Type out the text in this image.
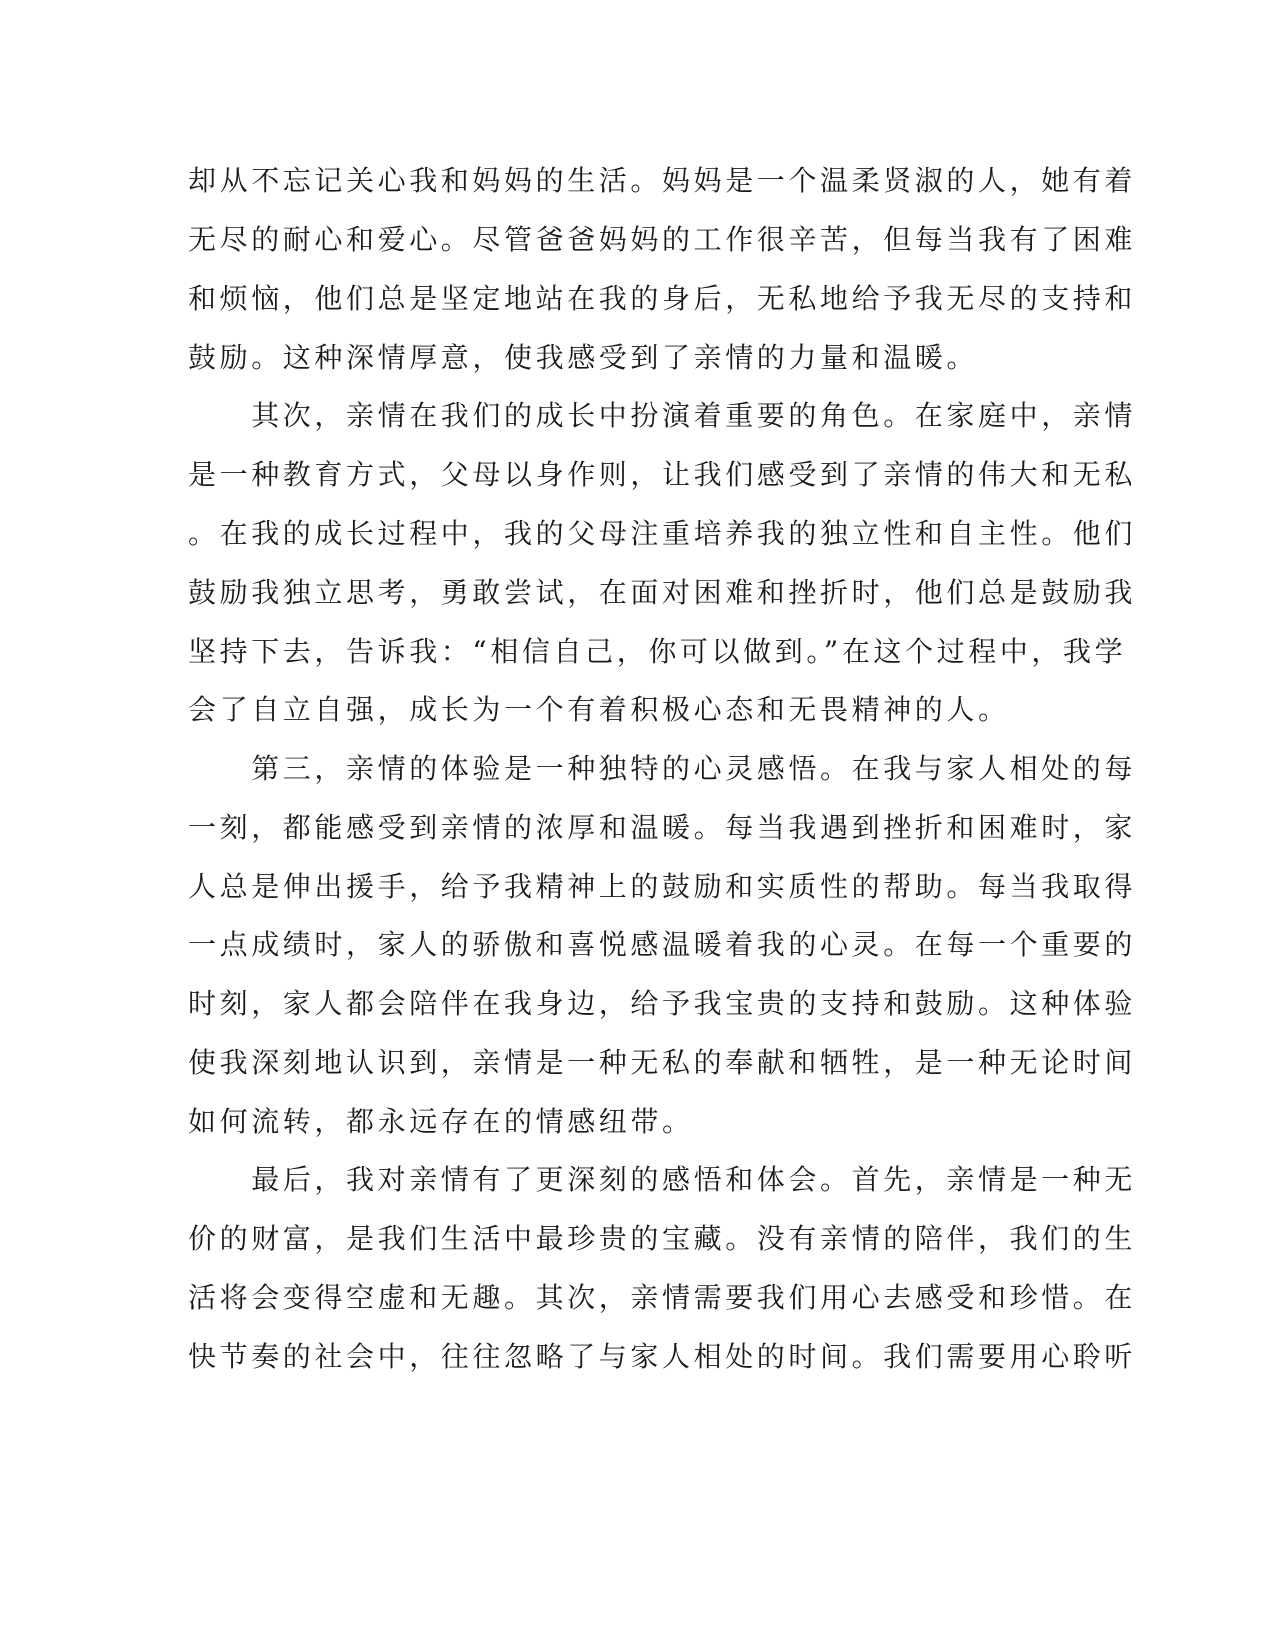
却从不忘记关心我和妈妈的生活。妈妈是一个温柔贤淑的人，她有着
无尽的耐心和爱心。尽管爸爸妈妈的工作很辛苦，但每当我有了困难
和烦恼，他们总是坚定地站在我的身后，无私地给予我无尽的支持和
鼓励。这种深情厚意，使我感受到了亲情的力量和温暖。
　　其次，亲情在我们的成长中扮演着重要的角色。在家庭中，亲情
是一种教育方式，父母以身作则，让我们感受到了亲情的伟大和无私
。在我的成长过程中，我的父母注重培养我的独立性和自主性。他们
鼓励我独立思考，勇敢尝试，在面对困难和挫折时，他们总是鼓励我
坚持下去，告诉我：“相信自己，你可以做到。”在这个过程中，我学
会了自立自强，成长为一个有着积极心态和无畏精神的人。
　　第三，亲情的体验是一种独特的心灵感悟。在我与家人相处的每
一刻，都能感受到亲情的浓厚和温暖。每当我遇到挫折和困难时，家
人总是伸出援手，给予我精神上的鼓励和实质性的帮助。每当我取得
一点成绩时，家人的骄傲和喜悦感温暖着我的心灵。在每一个重要的
时刻，家人都会陪伴在我身边，给予我宝贵的支持和鼓励。这种体验
使我深刻地认识到，亲情是一种无私的奉献和牺牲，是一种无论时间
如何流转，都永远存在的情感纽带。
　　最后，我对亲情有了更深刻的感悟和体会。首先，亲情是一种无
价的财富，是我们生活中最珍贵的宝藏。没有亲情的陪伴，我们的生
活将会变得空虚和无趣。其次，亲情需要我们用心去感受和珍惜。在
快节奏的社会中，往往忽略了与家人相处的时间。我们需要用心聆听
